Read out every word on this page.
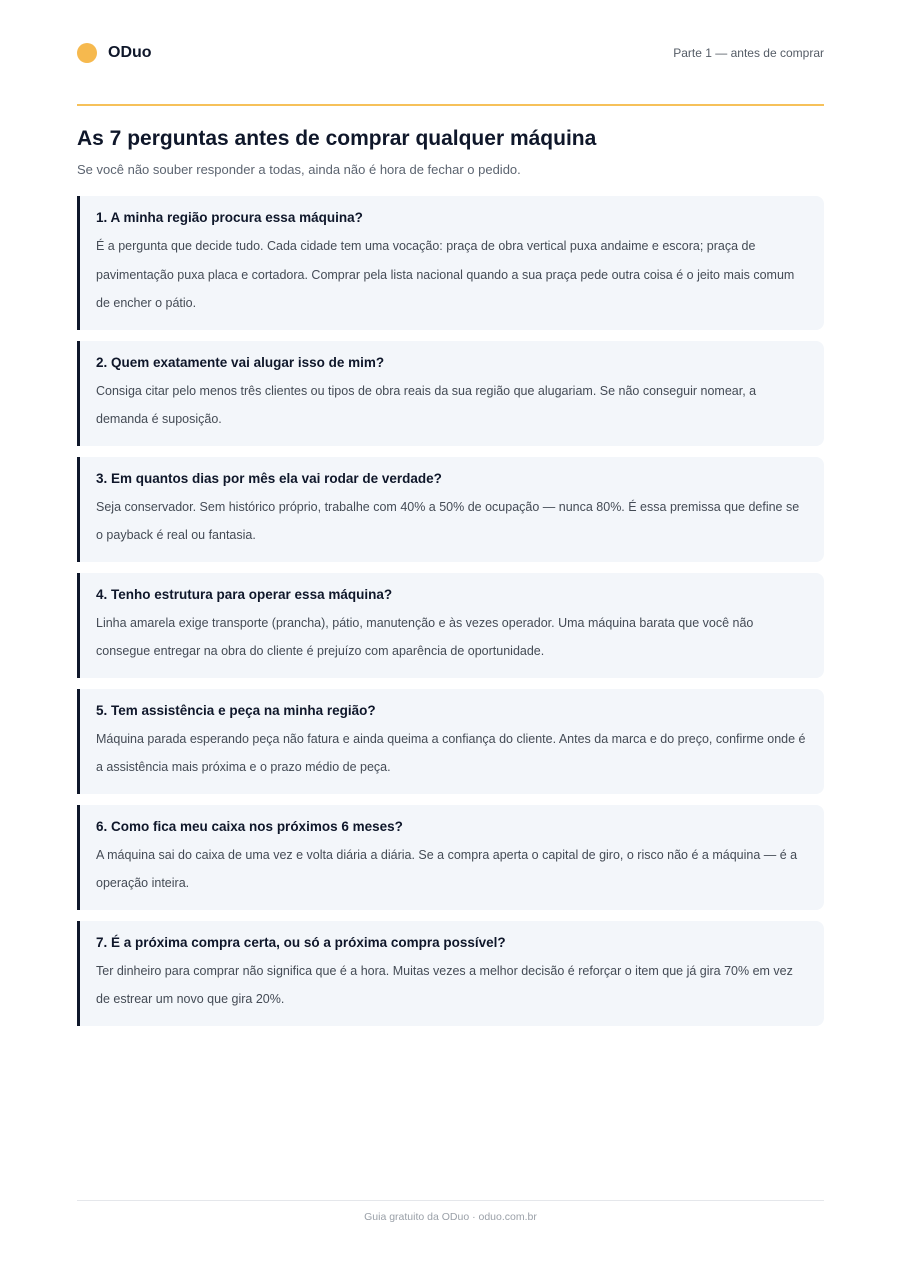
ODuo	Parte 1 — antes de comprar
As 7 perguntas antes de comprar qualquer máquina
Se você não souber responder a todas, ainda não é hora de fechar o pedido.
1. A minha região procura essa máquina?
É a pergunta que decide tudo. Cada cidade tem uma vocação: praça de obra vertical puxa andaime e escora; praça de pavimentação puxa placa e cortadora. Comprar pela lista nacional quando a sua praça pede outra coisa é o jeito mais comum de encher o pátio.
2. Quem exatamente vai alugar isso de mim?
Consiga citar pelo menos três clientes ou tipos de obra reais da sua região que alugariam. Se não conseguir nomear, a demanda é suposição.
3. Em quantos dias por mês ela vai rodar de verdade?
Seja conservador. Sem histórico próprio, trabalhe com 40% a 50% de ocupação — nunca 80%. É essa premissa que define se o payback é real ou fantasia.
4. Tenho estrutura para operar essa máquina?
Linha amarela exige transporte (prancha), pátio, manutenção e às vezes operador. Uma máquina barata que você não consegue entregar na obra do cliente é prejuízo com aparência de oportunidade.
5. Tem assistência e peça na minha região?
Máquina parada esperando peça não fatura e ainda queima a confiança do cliente. Antes da marca e do preço, confirme onde é a assistência mais próxima e o prazo médio de peça.
6. Como fica meu caixa nos próximos 6 meses?
A máquina sai do caixa de uma vez e volta diária a diária. Se a compra aperta o capital de giro, o risco não é a máquina — é a operação inteira.
7. É a próxima compra certa, ou só a próxima compra possível?
Ter dinheiro para comprar não significa que é a hora. Muitas vezes a melhor decisão é reforçar o item que já gira 70% em vez de estrear um novo que gira 20%.
Guia gratuito da ODuo · oduo.com.br
